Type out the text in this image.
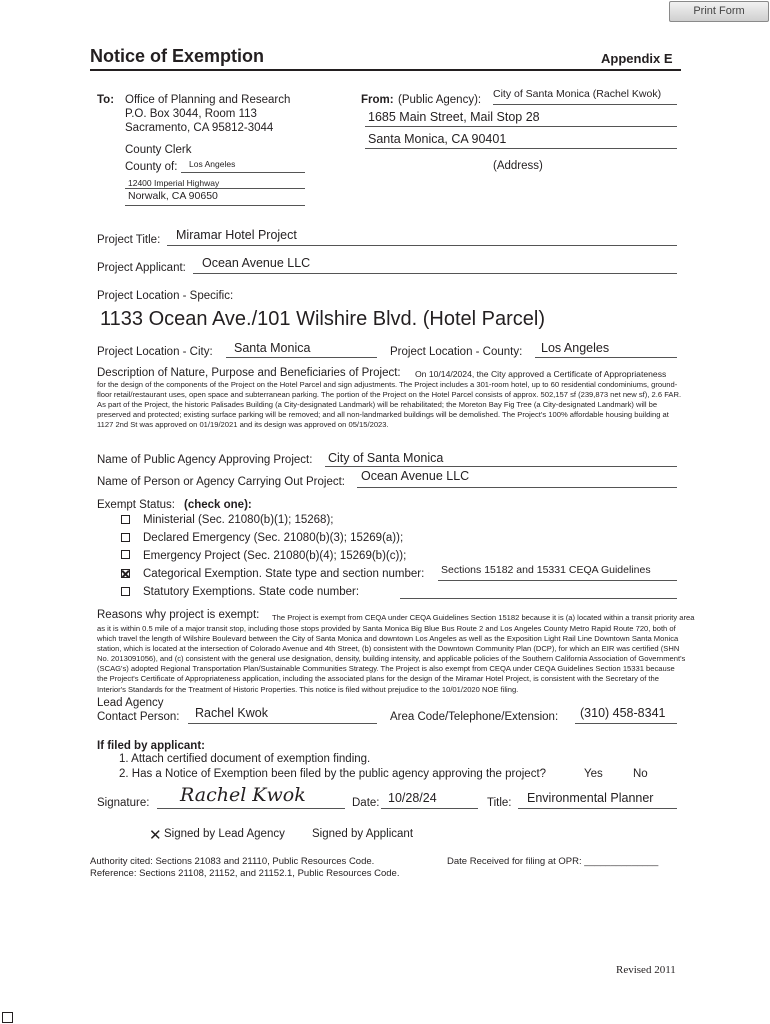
Print Form
Notice of Exemption	Appendix E
To: Office of Planning and Research
P.O. Box 3044, Room 113
Sacramento, CA 95812-3044
County Clerk
County of: Los Angeles
12400 Imperial Highway
Norwalk, CA 90650
From: (Public Agency): City of Santa Monica (Rachel Kwok)
1685 Main Street, Mail Stop 28
Santa Monica, CA 90401
(Address)
Project Title: Miramar Hotel Project
Project Applicant: Ocean Avenue LLC
Project Location - Specific:
1133 Ocean Ave./101 Wilshire Blvd. (Hotel Parcel)
Project Location - City: Santa Monica	Project Location - County: Los Angeles
Description of Nature, Purpose and Beneficiaries of Project: On 10/14/2024, the City approved a Certificate of Appropriateness
for the design of the components of the Project on the Hotel Parcel and sign adjustments. The Project includes a 301-room hotel, up to 60 residential condominiums, ground-floor retail/restaurant uses, open space and subterranean parking. The portion of the Project on the Hotel Parcel consists of approx. 502,157 sf (239,873 net new sf), 2.6 FAR. As part of the Project, the historic Palisades Building (a City-designated Landmark) will be rehabilitated; the Moreton Bay Fig Tree (a City-designated Landmark) will be preserved and protected; existing surface parking will be removed; and all non-landmarked buildings will be demolished. The Project's 100% affordable housing building at 1127 2nd St was approved on 01/19/2021 and its design was approved on 05/15/2023.
Name of Public Agency Approving Project: City of Santa Monica
Name of Person or Agency Carrying Out Project: Ocean Avenue LLC
Exempt Status: (check one):
Ministerial (Sec. 21080(b)(1); 15268);
Declared Emergency (Sec. 21080(b)(3); 15269(a));
Emergency Project (Sec. 21080(b)(4); 15269(b)(c));
Categorical Exemption. State type and section number: Sections 15182 and 15331 CEQA Guidelines
Statutory Exemptions. State code number:
Reasons why project is exempt: The Project is exempt from CEQA under CEQA Guidelines Section 15182 because it is (a) located within a transit priority area
as it is within 0.5 mile of a major transit stop, including those stops provided by Santa Monica Big Blue Bus Route 2 and Los Angeles County Metro Rapid Route 720, both of which travel the length of Wilshire Boulevard between the City of Santa Monica and downtown Los Angeles as well as the Exposition Light Rail Line Downtown Santa Monica station, which is located at the intersection of Colorado Avenue and 4th Street, (b) consistent with the Downtown Community Plan (DCP), for which an EIR was certified (SHN No. 2013091056), and (c) consistent with the general use designation, density, building intensity, and applicable policies of the Southern California Association of Government's (SCAG's) adopted Regional Transportation Plan/Sustainable Communities Strategy. The Project is also exempt from CEQA under CEQA Guidelines Section 15331 because the Project's Certificate of Appropriateness application, including the associated plans for the design of the Miramar Hotel Project, is consistent with the Secretary of the Interior's Standards for the Treatment of Historic Properties. This notice is filed without prejudice to the 10/01/2020 NOE filing.
Lead Agency
Contact Person: Rachel Kwok	Area Code/Telephone/Extension: (310) 458-8341
If filed by applicant:
1. Attach certified document of exemption finding.
2. Has a Notice of Exemption been filed by the public agency approving the project?	Yes	No
Signature: Rachel Kwok	Date: 10/28/24	Title: Environmental Planner
✕ Signed by Lead Agency Signed by Applicant
Authority cited: Sections 21083 and 21110, Public Resources Code.
Reference: Sections 21108, 21152, and 21152.1, Public Resources Code.
Date Received for filing at OPR: ______________
Revised 2011
